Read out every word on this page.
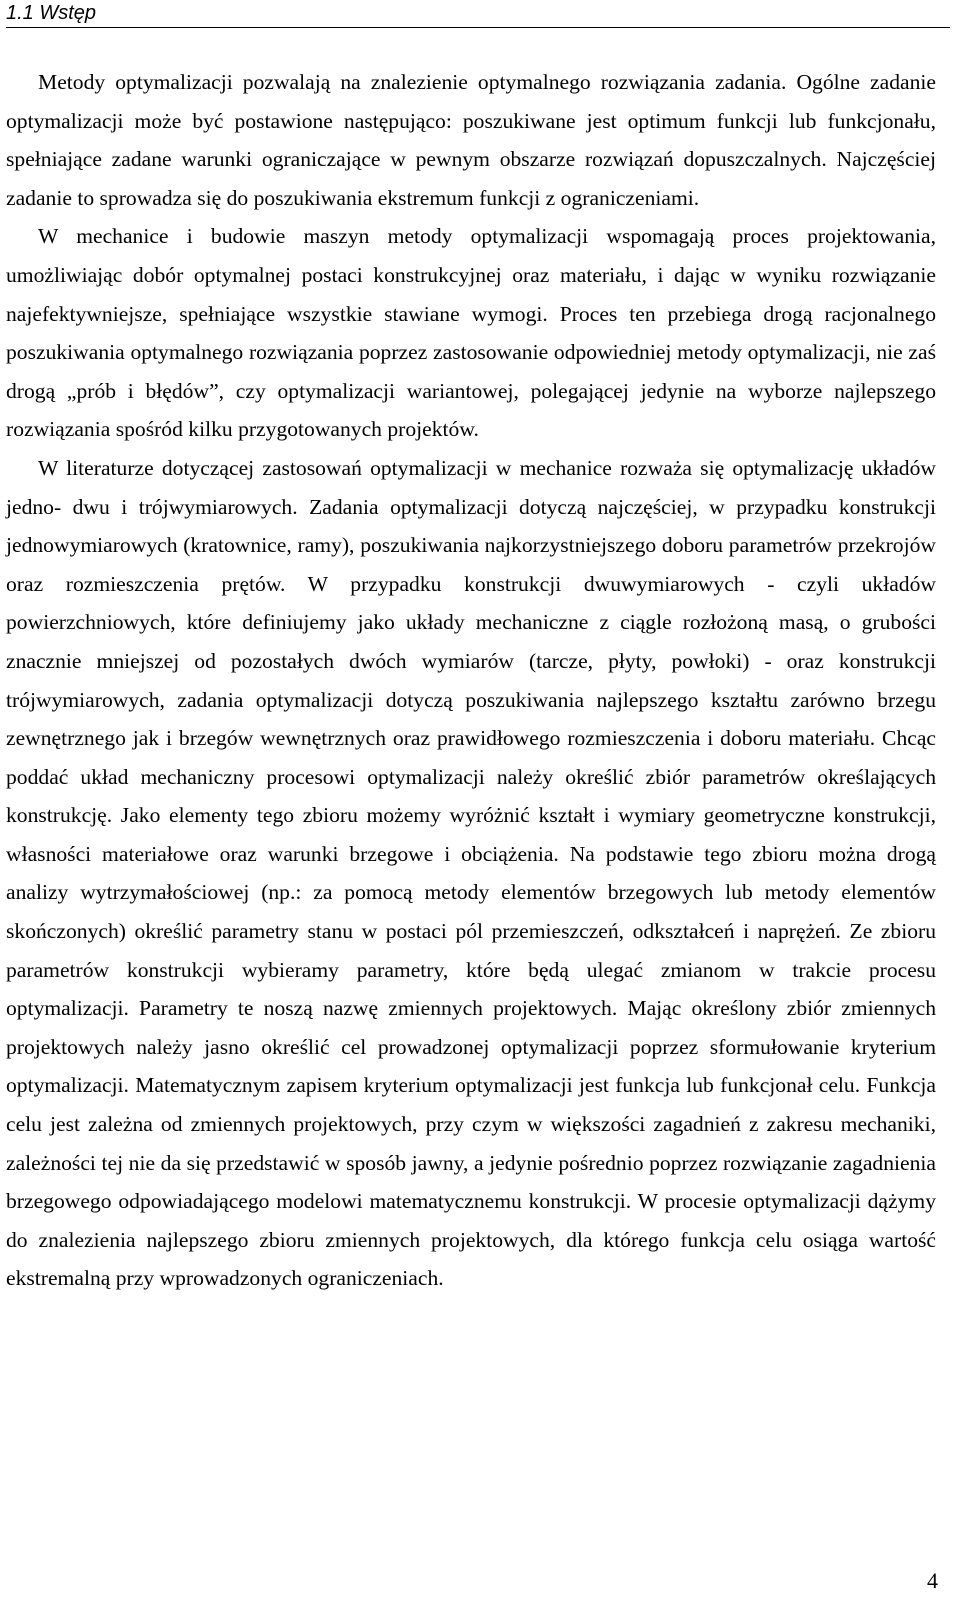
1.1 Wstęp

Metody optymalizacji pozwalają na znalezienie optymalnego rozwiązania zadania. Ogólne zadanie optymalizacji może być postawione następująco: poszukiwane jest optimum funkcji lub funkcjonału, spełniające zadane warunki ograniczające w pewnym obszarze rozwiązań dopuszczalnych. Najczęściej zadanie to sprowadza się do poszukiwania ekstremum funkcji z ograniczeniami.

W mechanice i budowie maszyn metody optymalizacji wspomagają proces projektowania, umożliwiając dobór optymalnej postaci konstrukcyjnej oraz materiału, i dając w wyniku rozwiązanie najefektywniejsze, spełniające wszystkie stawiane wymogi. Proces ten przebiega drogą racjonalnego poszukiwania optymalnego rozwiązania poprzez zastosowanie odpowiedniej metody optymalizacji, nie zaś drogą „prób i błędów”, czy optymalizacji wariantowej, polegającej jedynie na wyborze najlepszego rozwiązania spośród kilku przygotowanych projektów.

W literaturze dotyczącej zastosowań optymalizacji w mechanice rozważa się optymalizację układów jedno- dwu i trójwymiarowych. Zadania optymalizacji dotyczą najczęściej, w przypadku konstrukcji jednowymiarowych (kratownice, ramy), poszukiwania najkorzystniejszego doboru parametrów przekrojów oraz rozmieszczenia prętów. W przypadku konstrukcji dwuwymiarowych - czyli układów powierzchniowych, które definiujemy jako układy mechaniczne z ciągle rozłożoną masą, o grubości znacznie mniejszej od pozostałych dwóch wymiarów (tarcze, płyty, powłoki) - oraz konstrukcji trójwymiarowych, zadania optymalizacji dotyczą poszukiwania najlepszego kształtu zarówno brzegu zewnętrznego jak i brzegów wewnętrznych oraz prawidłowego rozmieszczenia i doboru materiału. Chcąc poddać układ mechaniczny procesowi optymalizacji należy określić zbiór parametrów określających konstrukcję. Jako elementy tego zbioru możemy wyróżnić kształt i wymiary geometryczne konstrukcji, własności materiałowe oraz warunki brzegowe i obciążenia. Na podstawie tego zbioru można drogą analizy wytrzymałościowej (np.: za pomocą metody elementów brzegowych lub metody elementów skończonych) określić parametry stanu w postaci pól przemieszczeń, odkształceń i naprężeń. Ze zbioru parametrów konstrukcji wybieramy parametry, które będą ulegać zmianom w trakcie procesu optymalizacji. Parametry te noszą nazwę zmiennych projektowych. Mając określony zbiór zmiennych projektowych należy jasno określić cel prowadzonej optymalizacji poprzez sformułowanie kryterium optymalizacji. Matematycznym zapisem kryterium optymalizacji jest funkcja lub funkcjonał celu. Funkcja celu jest zależna od zmiennych projektowych, przy czym w większości zagadnień z zakresu mechaniki, zależności tej nie da się przedstawić w sposób jawny, a jedynie pośrednio poprzez rozwiązanie zagadnienia brzegowego odpowiadającego modelowi matematycznemu konstrukcji. W procesie optymalizacji dążymy do znalezienia najlepszego zbioru zmiennych projektowych, dla którego funkcja celu osiąga wartość ekstremalną przy wprowadzonych ograniczeniach.

4
